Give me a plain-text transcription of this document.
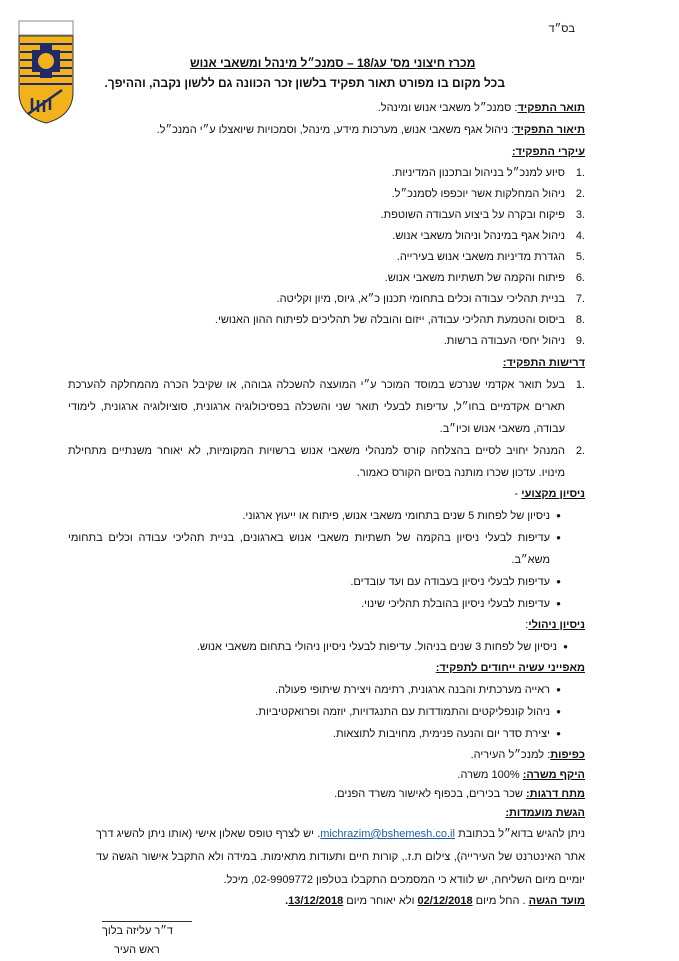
בס״ד
מכרז חיצוני מס' עג/18 – סמנכ״ל מינהל ומשאבי אנוש
בכל מקום בו מפורט תאור תפקיד בלשון זכר הכוונה גם ללשון נקבה, וההיפך.
תואר התפקיד: סמנכ״ל משאבי אנוש ומינהל.
תיאור התפקיד: ניהול אגף משאבי אנוש, מערכות מידע, מינהל, וסמכויות שיואצלו ע״י המנכ״ל.
עיקרי התפקיד:
1.
סיוע למנכ״ל בניהול ובתכנון המדיניות.
2.
ניהול המחלקות אשר יוכפפו לסמנכ״ל.
3.
פיקוח ובקרה על ביצוע העבודה השוטפת.
4.
ניהול אגף במינהל וניהול משאבי אנוש.
5.
הגדרת מדיניות משאבי אנוש בעירייה.
6.
פיתוח והקמה של תשתיות משאבי אנוש.
7.
בניית תהליכי עבודה וכלים בתחומי תכנון כ״א, גיוס, מיון וקליטה.
8.
ביסוס והטמעת תהליכי עבודה, ייזום והובלה של תהליכים לפיתוח ההון האנושי.
9.
ניהול יחסי העבודה ברשות.
דרישות התפקיד:
1.
בעל תואר אקדמי שנרכש במוסד המוכר ע״י המועצה להשכלה גבוהה, או שקיבל הכרה מהמחלקה להערכת תארים אקדמיים בחו״ל, עדיפות לבעלי תואר שני והשכלה בפסיכולוגיה ארגונית, סוציולוגיה ארגונית, לימודי עבודה, משאבי אנוש וכיו״ב.
2.
המנהל יחויב לסיים בהצלחה קורס למנהלי משאבי אנוש ברשויות המקומיות, לא יאוחר משנתיים מתחילת מינויו. עדכון שכרו מותנה בסיום הקורס כאמור.
ניסיון מקצועי -
●
ניסיון של לפחות 5 שנים בתחומי משאבי אנוש, פיתוח או ייעוץ ארגוני.
●
עדיפות לבעלי ניסיון בהקמה של תשתיות משאבי אנוש בארגונים, בניית תהליכי עבודה וכלים בתחומי משא״ב.
●
עדיפות לבעלי ניסיון בעבודה עם ועד עובדים.
●
עדיפות לבעלי ניסיון בהובלת תהליכי שינוי.
ניסיון ניהולי:
●
ניסיון של לפחות 3 שנים בניהול. עדיפות לבעלי ניסיון ניהולי בתחום משאבי אנוש.
מאפייני עשיה ייחודים לתפקיד:
●
ראייה מערכתית והבנה ארגונית, רתימה ויצירת שיתופי פעולה.
●
ניהול קונפליקטים והתמודדות עם התנגדויות, יוזמה ופרואקטיביות.
●
יצירת סדר יום והנעה פנימית, מחויבות לתוצאות.
כפיפות: למנכ״ל העיריה.
היקף משרה: 100% משרה.
מתח דרגות: שכר בכירים, בכפוף לאישור משרד הפנים.
הגשת מועמדות:
ניתן להגיש בדוא״ל בכתובת michrazim@bshemesh.co.il. יש לצרף טופס שאלון אישי (אותו ניתן להשיג דרך אתר האינטרנט של העירייה), צילום ת.ז., קורות חיים ותעודות מתאימות. במידה ולא התקבל אישור הגשה עד יומיים מיום השליחה, יש לוודא כי המסמכים התקבלו בטלפון 02-9909772, מיכל.
מועד הגשה . החל מיום 02/12/2018 ולא יאוחר מיום 13/12/2018.
ד״ר עליזה בלוך
ראש העיר
